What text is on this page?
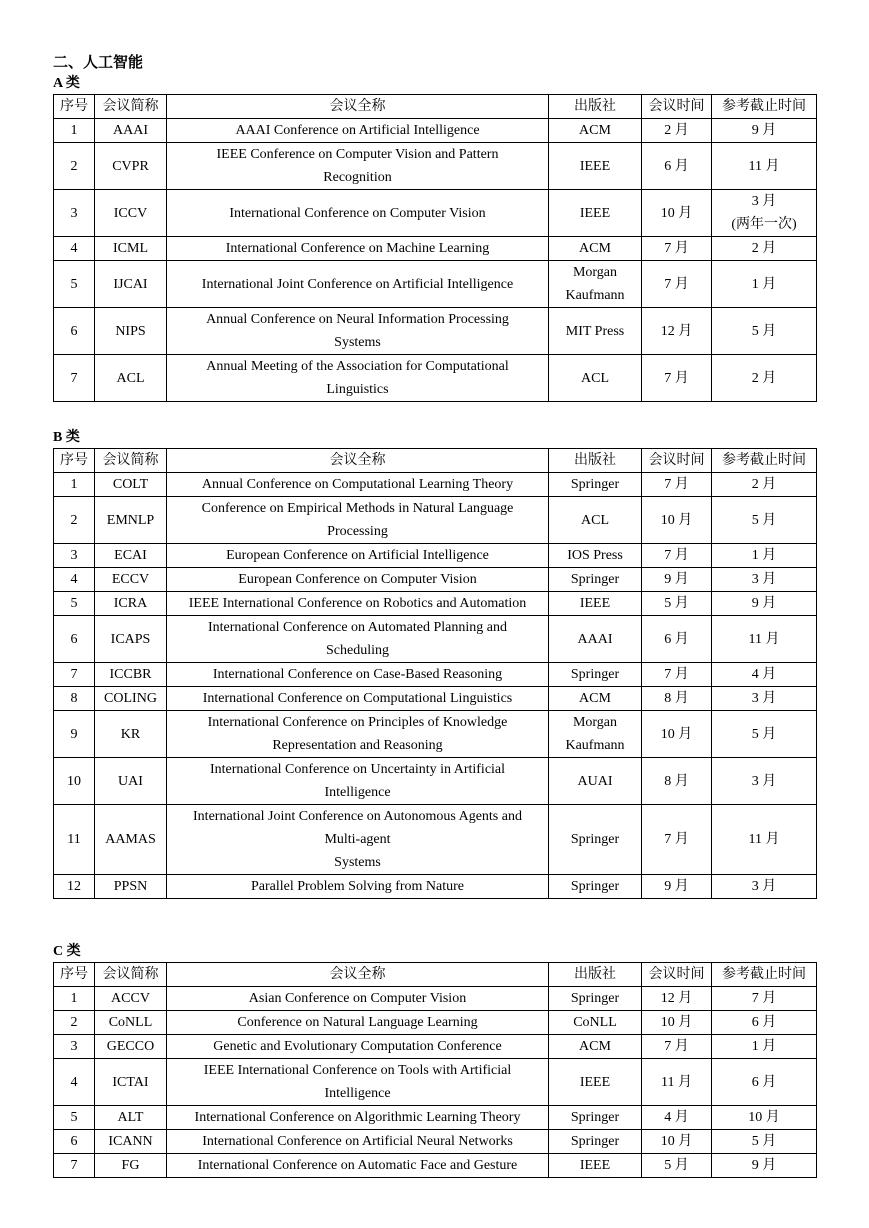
二、人工智能
A 类
序号	会议简称	会议全称	出版社	会议时间	参考截止时间
1	AAAI	AAAI Conference on Artificial Intelligence	ACM	2 月	9 月
2	CVPR	IEEE Conference on Computer Vision and Pattern
Recognition	IEEE	6 月	11 月
3	ICCV	International Conference on Computer Vision	IEEE	10 月	3 月
(两年一次)
4	ICML	International Conference on Machine Learning	ACM	7 月	2 月
5	IJCAI	International Joint Conference on Artificial Intelligence	Morgan
Kaufmann	7 月	1 月
6	NIPS	Annual Conference on Neural Information Processing
Systems	MIT Press	12 月	5 月
7	ACL	Annual Meeting of the Association for Computational
Linguistics	ACL	7 月	2 月
B 类
序号	会议简称	会议全称	出版社	会议时间	参考截止时间
1	COLT	Annual Conference on Computational Learning Theory	Springer	7 月	2 月
2	EMNLP	Conference on Empirical Methods in Natural Language
Processing	ACL	10 月	5 月
3	ECAI	European Conference on Artificial Intelligence	IOS Press	7 月	1 月
4	ECCV	European Conference on Computer Vision	Springer	9 月	3 月
5	ICRA	IEEE International Conference on Robotics and Automation	IEEE	5 月	9 月
6	ICAPS	International Conference on Automated Planning and
Scheduling	AAAI	6 月	11 月
7	ICCBR	International Conference on Case-Based Reasoning	Springer	7 月	4 月
8	COLING	International Conference on Computational Linguistics	ACM	8 月	3 月
9	KR	International Conference on Principles of Knowledge
Representation and Reasoning	Morgan
Kaufmann	10 月	5 月
10	UAI	International Conference on Uncertainty in Artificial
Intelligence	AUAI	8 月	3 月
11	AAMAS	International Joint Conference on Autonomous Agents and
Multi-agent
Systems	Springer	7 月	11 月
12	PPSN	Parallel Problem Solving from Nature	Springer	9 月	3 月
C 类
序号	会议简称	会议全称	出版社	会议时间	参考截止时间
1	ACCV	Asian Conference on Computer Vision	Springer	12 月	7 月
2	CoNLL	Conference on Natural Language Learning	CoNLL	10 月	6 月
3	GECCO	Genetic and Evolutionary Computation Conference	ACM	7 月	1 月
4	ICTAI	IEEE International Conference on Tools with Artificial
Intelligence	IEEE	11 月	6 月
5	ALT	International Conference on Algorithmic Learning Theory	Springer	4 月	10 月
6	ICANN	International Conference on Artificial Neural Networks	Springer	10 月	5 月
7	FG	International Conference on Automatic Face and Gesture	IEEE	5 月	9 月
